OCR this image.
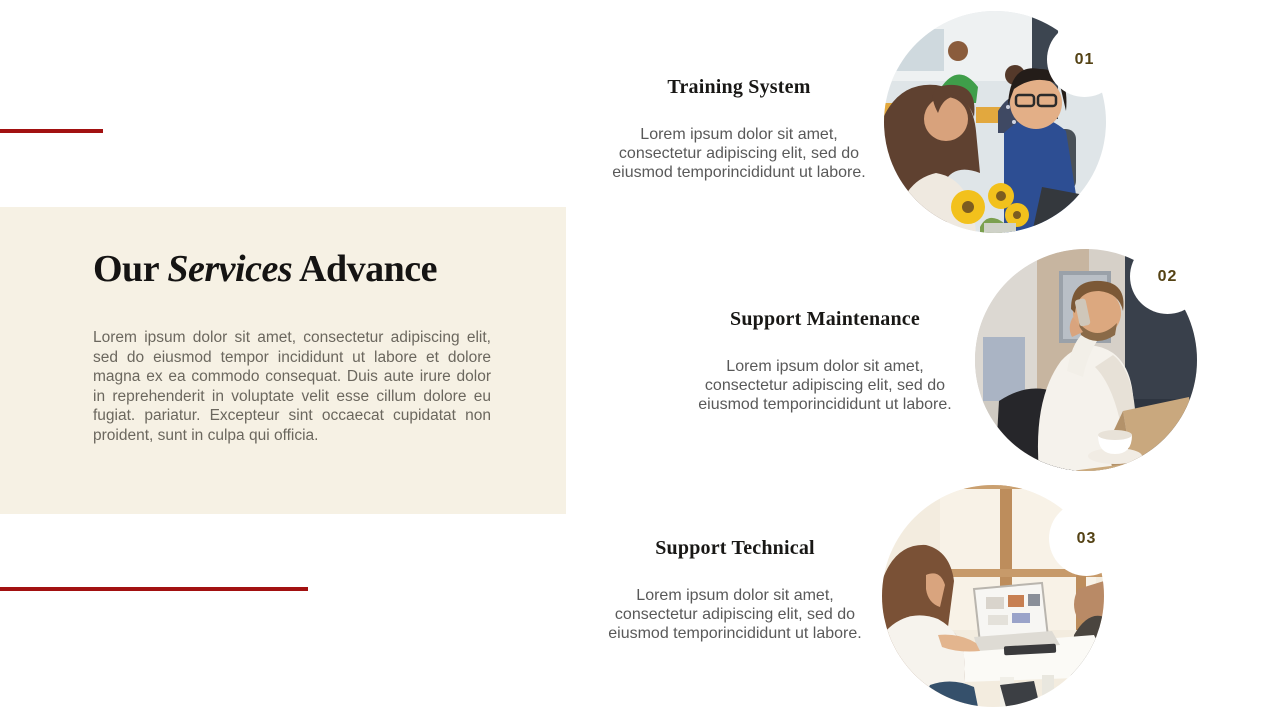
Our Services Advance

Lorem ipsum dolor sit amet, consectetur adipiscing elit, sed do eiusmod tempor incididunt ut labore et dolore magna ex ea commodo consequat. Duis aute irure dolor in reprehenderit in voluptate velit esse cillum dolore eu fugiat. pariatur. Excepteur sint occaecat cupidatat non proident, sunt in culpa qui officia.

Training System
Lorem ipsum dolor sit amet,
consectetur adipiscing elit, sed do
eiusmod temporincididunt ut labore.
01
Support Maintenance
Lorem ipsum dolor sit amet,
consectetur adipiscing elit, sed do
eiusmod temporincididunt ut labore.
02
Support Technical
Lorem ipsum dolor sit amet,
consectetur adipiscing elit, sed do
eiusmod temporincididunt ut labore.
03
